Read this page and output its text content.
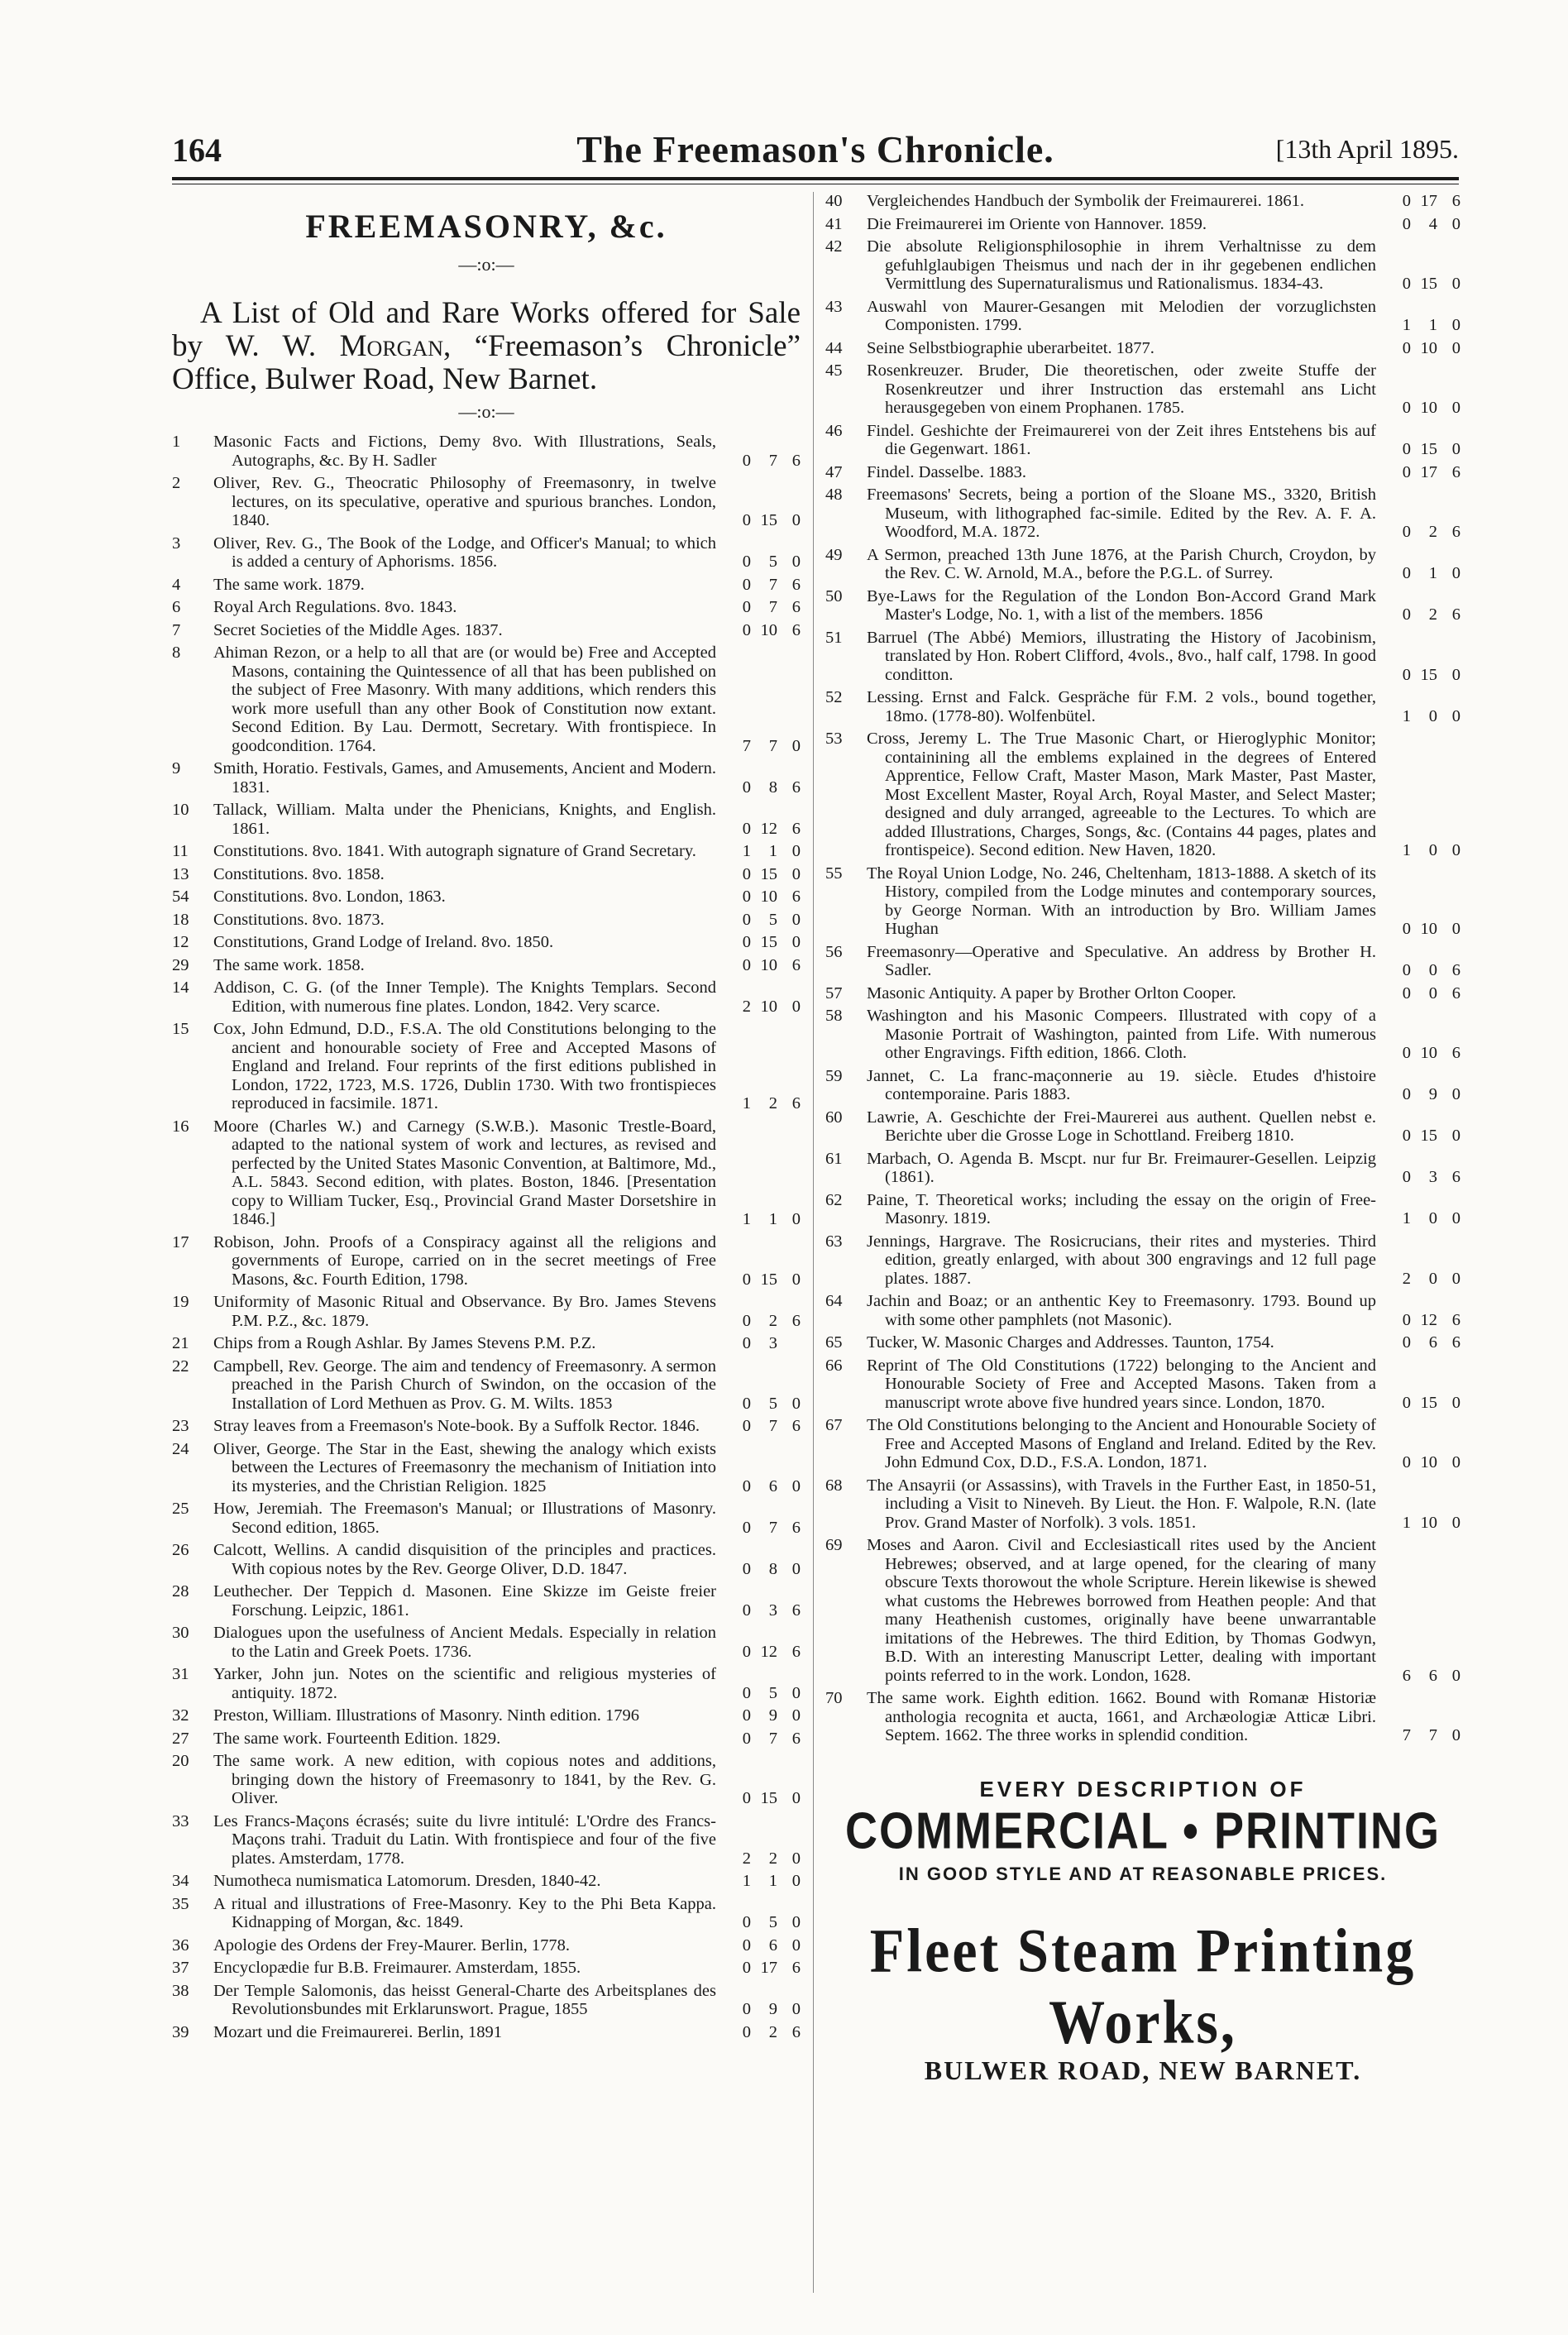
164	The Freemason's Chronicle.	[13th April 1895.
FREEMASONRY, &c.
—:o:—
A List of Old and Rare Works offered for Sale by W. W. Morgan, “Freemason’s Chronicle” Office, Bulwer Road, New Barnet.
—:o:—
1	Masonic Facts and Fictions, Demy 8vo. With Illustrations, Seals, Autographs, &c. By H. Sadler	0	7 6
2	Oliver, Rev. G., Theocratic Philosophy of Freemasonry, in twelve lectures, on its speculative, operative and spurious branches. London, 1840.	0 15 0
3	Oliver, Rev. G., The Book of the Lodge, and Officer's Manual; to which is added a century of Aphorisms. 1856.	0	5 0
4	The same work. 1879.	0	7 6
6	Royal Arch Regulations. 8vo. 1843.	0	7 6
7	Secret Societies of the Middle Ages. 1837.	0 10 6
8	Ahiman Rezon, or a help to all that are (or would be) Free and Accepted Masons, containing the Quintessence of all that has been published on the subject of Free Masonry. With many additions, which renders this work more usefull than any other Book of Constitution now extant. Second Edition. By Lau. Dermott, Secretary. With frontispiece. In goodcondition. 1764.	7	7 0
9	Smith, Horatio. Festivals, Games, and Amusements, Ancient and Modern. 1831.	0	8 6
10	Tallack, William. Malta under the Phenicians, Knights, and English. 1861.	0 12 6
11	Constitutions. 8vo. 1841. With autograph signature of Grand Secretary.	1	1 0
13	Constitutions. 8vo. 1858.	0 15 0
54	Constitutions. 8vo. London, 1863.	0 10 6
18	Constitutions. 8vo. 1873.	0	5 0
12	Constitutions, Grand Lodge of Ireland. 8vo. 1850.	0 15 0
29	The same work. 1858.	0 10 6
14	Addison, C. G. (of the Inner Temple). The Knights Templars. Second Edition, with numerous fine plates. London, 1842. Very scarce.	2 10 0
15	Cox, John Edmund, D.D., F.S.A. The old Constitutions belonging to the ancient and honourable society of Free and Accepted Masons of England and Ireland. Four reprints of the first editions published in London, 1722, 1723, M.S. 1726, Dublin 1730. With two frontispieces reproduced in facsimile. 1871.	1	2 6
16	Moore (Charles W.) and Carnegy (S.W.B.). Masonic Trestle-Board, adapted to the national system of work and lectures, as revised and perfected by the United States Masonic Convention, at Baltimore, Md., A.L. 5843. Second edition, with plates. Boston, 1846. [Presentation copy to William Tucker, Esq., Provincial Grand Master Dorsetshire in 1846.]	1	1 0
17	Robison, John. Proofs of a Conspiracy against all the religions and governments of Europe, carried on in the secret meetings of Free Masons, &c. Fourth Edition, 1798.	0 15 0
19	Uniformity of Masonic Ritual and Observance. By Bro. James Stevens P.M. P.Z., &c. 1879.	0	2 6
21	Chips from a Rough Ashlar. By James Stevens P.M. P.Z.	0	3
22	Campbell, Rev. George. The aim and tendency of Freemasonry. A sermon preached in the Parish Church of Swindon, on the occasion of the Installation of Lord Methuen as Prov. G. M. Wilts. 1853	0	5 0
23	Stray leaves from a Freemason's Note-book. By a Suffolk Rector. 1846.	0	7 6
24	Oliver, George. The Star in the East, shewing the analogy which exists between the Lectures of Freemasonry the mechanism of Initiation into its mysteries, and the Christian Religion. 1825	0	6 0
25	How, Jeremiah. The Freemason's Manual; or Illustrations of Masonry. Second edition, 1865.	0	7 6
26	Calcott, Wellins. A candid disquisition of the principles and practices. With copious notes by the Rev. George Oliver, D.D. 1847.	0	8 0
28	Leuthecher. Der Teppich d. Masonen. Eine Skizze im Geiste freier Forschung. Leipzic, 1861.	0	3 6
30	Dialogues upon the usefulness of Ancient Medals. Especially in relation to the Latin and Greek Poets. 1736.	0 12 6
31	Yarker, John jun. Notes on the scientific and religious mysteries of antiquity. 1872.	0	5 0
32	Preston, William. Illustrations of Masonry. Ninth edition. 1796	0	9 0
27	The same work. Fourteenth Edition. 1829.	0	7 6
20	The same work. A new edition, with copious notes and additions, bringing down the history of Freemasonry to 1841, by the Rev. G. Oliver.	0 15 0
33	Les Francs-Maçons écrasés; suite du livre intitulé: L'Ordre des Francs-Maçons trahi. Traduit du Latin. With frontispiece and four of the five plates. Amsterdam, 1778.	2	2 0
34	Numotheca numismatica Latomorum. Dresden, 1840-42.	1	1 0
35	A ritual and illustrations of Free-Masonry. Key to the Phi Beta Kappa. Kidnapping of Morgan, &c. 1849.	0	5 0
36	Apologie des Ordens der Frey-Maurer. Berlin, 1778.	0	6 0
37	Encyclopædie fur B.B. Freimaurer. Amsterdam, 1855.	0 17 6
38	Der Temple Salomonis, das heisst General-Charte des Arbeitsplanes des Revolutionsbundes mit Erklarunswort. Prague, 1855	0	9 0
39	Mozart und die Freimaurerei. Berlin, 1891	0	2 6
40	Vergleichendes Handbuch der Symbolik der Freimaurerei. 1861.	0 17 6
41	Die Freimaurerei im Oriente von Hannover. 1859.	0	4 0
42	Die absolute Religionsphilosophie in ihrem Verhaltnisse zu dem gefuhlglaubigen Theismus und nach der in ihr gegebenen endlichen Vermittlung des Supernaturalismus und Rationalismus. 1834-43.	0 15 0
43	Auswahl von Maurer-Gesangen mit Melodien der vorzuglichsten Componisten. 1799.	1	1 0
44	Seine Selbstbiographie uberarbeitet. 1877.	0 10 0
45	Rosenkreuzer. Bruder, Die theoretischen, oder zweite Stuffe der Rosenkreutzer und ihrer Instruction das erstemahl ans Licht herausgegeben von einem Prophanen. 1785.	0 10 0
46	Findel. Geshichte der Freimaurerei von der Zeit ihres Entstehens bis auf die Gegenwart. 1861.	0 15 0
47	Findel. Dasselbe. 1883.	0 17 6
48	Freemasons' Secrets, being a portion of the Sloane MS., 3320, British Museum, with lithographed fac-simile. Edited by the Rev. A. F. A. Woodford, M.A. 1872.	0	2 6
49	A Sermon, preached 13th June 1876, at the Parish Church, Croydon, by the Rev. C. W. Arnold, M.A., before the P.G.L. of Surrey.	0	1 0
50	Bye-Laws for the Regulation of the London Bon-Accord Grand Mark Master's Lodge, No. 1, with a list of the members. 1856	0	2 6
51	Barruel (The Abbé) Memiors, illustrating the History of Jacobinism, translated by Hon. Robert Clifford, 4vols., 8vo., half calf, 1798. In good conditton.	0 15 0
52	Lessing. Ernst and Falck. Gespräche für F.M. 2 vols., bound together, 18mo. (1778-80). Wolfenbütel.	1	0 0
53	Cross, Jeremy L. The True Masonic Chart, or Hieroglyphic Monitor; containining all the emblems explained in the degrees of Entered Apprentice, Fellow Craft, Master Mason, Mark Master, Past Master, Most Excellent Master, Royal Arch, Royal Master, and Select Master; designed and duly arranged, agreeable to the Lectures. To which are added Illustrations, Charges, Songs, &c. (Contains 44 pages, plates and frontispeice). Second edition. New Haven, 1820.	1	0 0
55	The Royal Union Lodge, No. 246, Cheltenham, 1813-1888. A sketch of its History, compiled from the Lodge minutes and contemporary sources, by George Norman. With an introduction by Bro. William James Hughan	0 10 0
56	Freemasonry—Operative and Speculative. An address by Brother H. Sadler.	0	0 6
57	Masonic Antiquity. A paper by Brother Orlton Cooper.	0	0 6
58	Washington and his Masonic Compeers. Illustrated with copy of a Masonie Portrait of Washington, painted from Life. With numerous other Engravings. Fifth edition, 1866. Cloth.	0 10 6
59	Jannet, C. La franc-maçonnerie au 19. siècle. Etudes d'histoire contemporaine. Paris 1883.	0	9 0
60	Lawrie, A. Geschichte der Frei-Maurerei aus authent. Quellen nebst e. Berichte uber die Grosse Loge in Schottland. Freiberg 1810.	0 15 0
61	Marbach, O. Agenda B. Mscpt. nur fur Br. Freimaurer-Gesellen. Leipzig (1861).	0	3 6
62	Paine, T. Theoretical works; including the essay on the origin of Free-Masonry. 1819.	1	0 0
63	Jennings, Hargrave. The Rosicrucians, their rites and mysteries. Third edition, greatly enlarged, with about 300 engravings and 12 full page plates. 1887.	2	0 0
64	Jachin and Boaz; or an anthentic Key to Freemasonry. 1793. Bound up with some other pamphlets (not Masonic).	0 12 6
65	Tucker, W. Masonic Charges and Addresses. Taunton, 1754.	0	6 6
66	Reprint of The Old Constitutions (1722) belonging to the Ancient and Honourable Society of Free and Accepted Masons. Taken from a manuscript wrote above five hundred years since. London, 1870.	0 15 0
67	The Old Constitutions belonging to the Ancient and Honourable Society of Free and Accepted Masons of England and Ireland. Edited by the Rev. John Edmund Cox, D.D., F.S.A. London, 1871.	0 10 0
68	The Ansayrii (or Assassins), with Travels in the Further East, in 1850-51, including a Visit to Nineveh. By Lieut. the Hon. F. Walpole, R.N. (late Prov. Grand Master of Norfolk). 3 vols. 1851.	1 10 0
69	Moses and Aaron. Civil and Ecclesiasticall rites used by the Ancient Hebrewes; observed, and at large opened, for the clearing of many obscure Texts thorowout the whole Scripture. Herein likewise is shewed what customs the Hebrewes borrowed from Heathen people: And that many Heathenish customes, originally have beene unwarrantable imitations of the Hebrewes. The third Edition, by Thomas Godwyn, B.D. With an interesting Manuscript Letter, dealing with important points referred to in the work. London, 1628.	6	6 0
70	The same work. Eighth edition. 1662. Bound with Romanæ Historiæ anthologia recognita et aucta, 1661, and Archæologiæ Atticæ Libri. Septem. 1662. The three works in splendid condition.	7	7 0
EVERY DESCRIPTION OF
COMMERCIAL • PRINTING
IN GOOD STYLE AND AT REASONABLE PRICES.
Fleet Steam Printing Works,
BULWER ROAD, NEW BARNET.
